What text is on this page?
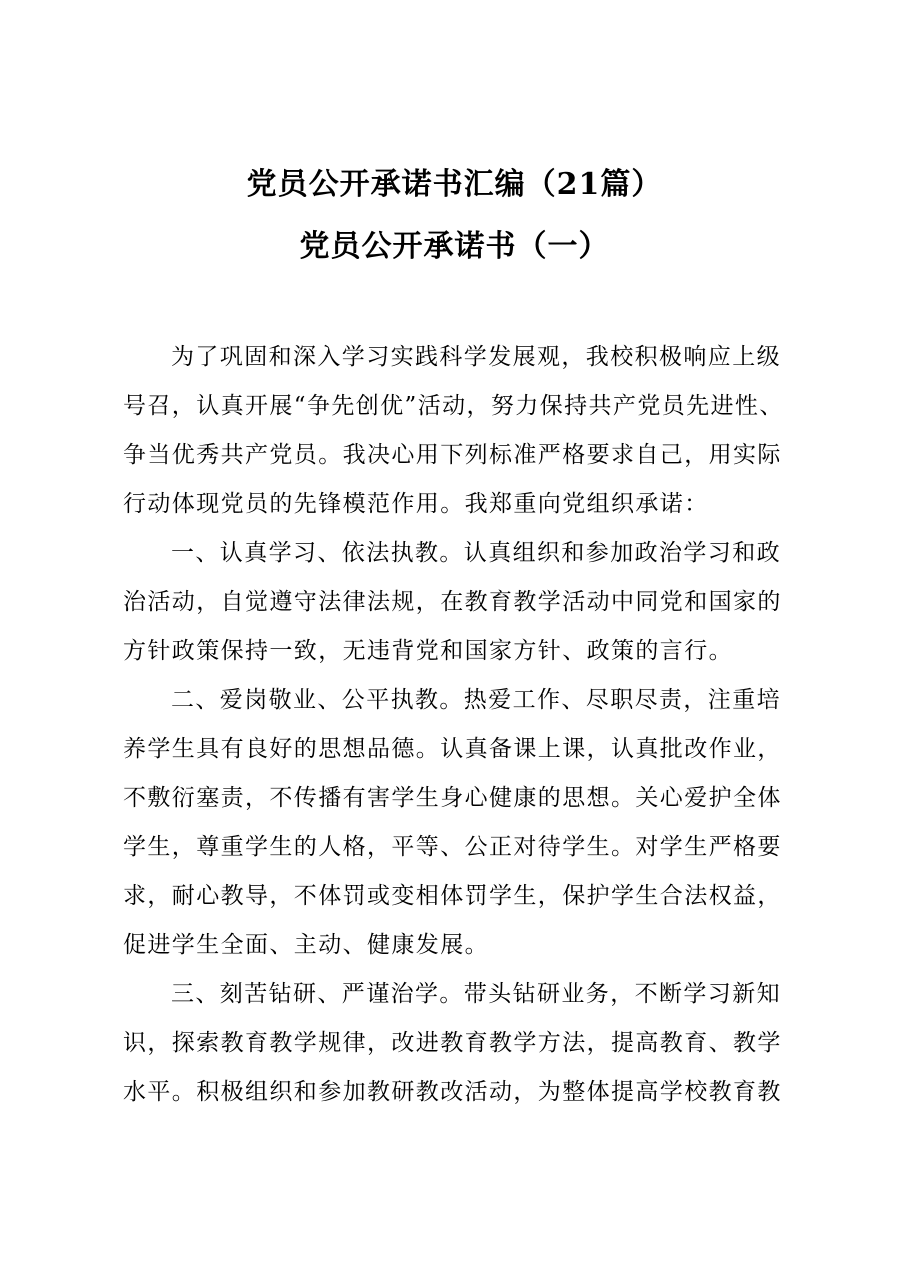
党员公开承诺书汇编（21篇）
党员公开承诺书（一）

为了巩固和深入学习实践科学发展观，我校积极响应上级号召，认真开展“争先创优”活动，努力保持共产党员先进性、争当优秀共产党员。我决心用下列标准严格要求自己，用实际行动体现党员的先锋模范作用。我郑重向党组织承诺：

一、认真学习、依法执教。认真组织和参加政治学习和政治活动，自觉遵守法律法规，在教育教学活动中同党和国家的方针政策保持一致，无违背党和国家方针、政策的言行。

二、爱岗敬业、公平执教。热爱工作、尽职尽责，注重培养学生具有良好的思想品德。认真备课上课，认真批改作业，不敷衍塞责，不传播有害学生身心健康的思想。关心爱护全体学生，尊重学生的人格，平等、公正对待学生。对学生严格要求，耐心教导，不体罚或变相体罚学生，保护学生合法权益，促进学生全面、主动、健康发展。

三、刻苦钻研、严谨治学。带头钻研业务，不断学习新知识，探索教育教学规律，改进教育教学方法，提高教育、教学水平。积极组织和参加教研教改活动，为整体提高学校教育教
